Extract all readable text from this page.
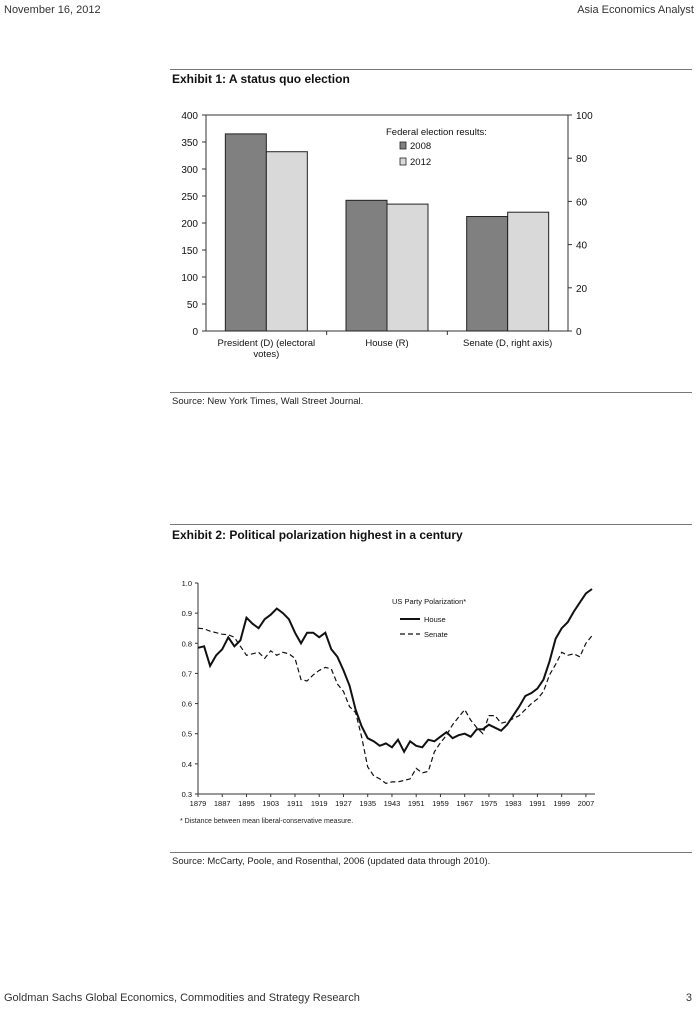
November 16, 2012	Asia Economics Analyst
Exhibit 1: A status quo election
0
50
100
150
200
250
300
350
400
0
20
40
60
80
100
President (D) (electoral
votes)
House (R)	Senate (D, right axis)
Federal election results:
2008
2012
Source: New York Times, Wall Street Journal.
Exhibit 2: Political polarization highest in a century
0.3
0.4
0.5
0.6
0.7
0.8
0.9
1.0
1879 1887 1895 1903 1911 1919 1927 1935 1943 1951 1959 1967 1975 1983 1991 1999 2007
US Party Polarization*
House
Senate
* Distance between mean liberal-conservative measure.
Source: McCarty, Poole, and Rosenthal, 2006 (updated data through 2010).
Goldman Sachs Global Economics, Commodities and Strategy Research	3
